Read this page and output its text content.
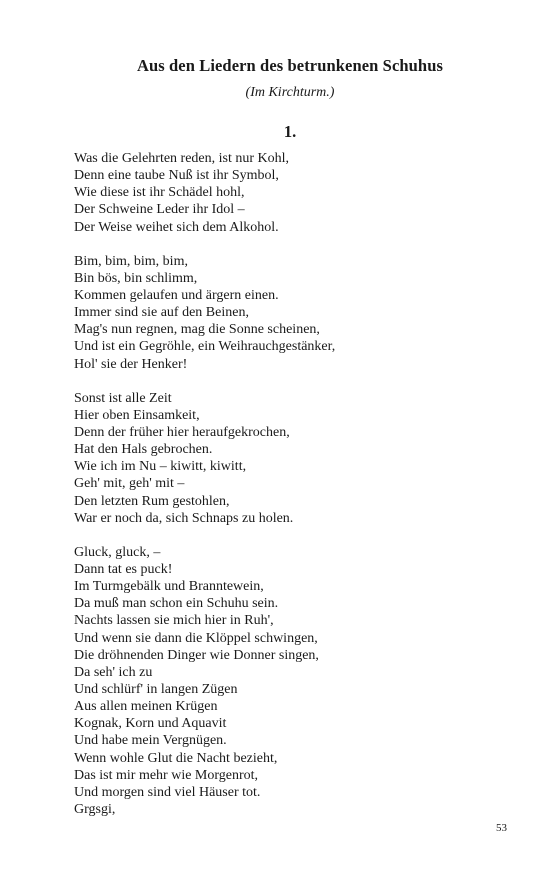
Aus den Liedern des betrunkenen Schuhus
(Im Kirchturm.)
1.
Was die Gelehrten reden, ist nur Kohl,
Denn eine taube Nuß ist ihr Symbol,
Wie diese ist ihr Schädel hohl,
Der Schweine Leder ihr Idol –
Der Weise weihet sich dem Alkohol.
Bim, bim, bim, bim,
Bin bös, bin schlimm,
Kommen gelaufen und ärgern einen.
Immer sind sie auf den Beinen,
Mag's nun regnen, mag die Sonne scheinen,
Und ist ein Gegröhle, ein Weihrauchgestänker,
Hol' sie der Henker!
Sonst ist alle Zeit
Hier oben Einsamkeit,
Denn der früher hier heraufgekrochen,
Hat den Hals gebrochen.
Wie ich im Nu – kiwitt, kiwitt,
Geh' mit, geh' mit –
Den letzten Rum gestohlen,
War er noch da, sich Schnaps zu holen.
Gluck, gluck, –
Dann tat es puck!
Im Turmgebälk und Branntewein,
Da muß man schon ein Schuhu sein.
Nachts lassen sie mich hier in Ruh',
Und wenn sie dann die Klöppel schwingen,
Die dröhnenden Dinger wie Donner singen,
Da seh' ich zu
Und schlürf' in langen Zügen
Aus allen meinen Krügen
Kognak, Korn und Aquavit
Und habe mein Vergnügen.
Wenn wohle Glut die Nacht bezieht,
Das ist mir mehr wie Morgenrot,
Und morgen sind viel Häuser tot.
Grgsgi,
53
